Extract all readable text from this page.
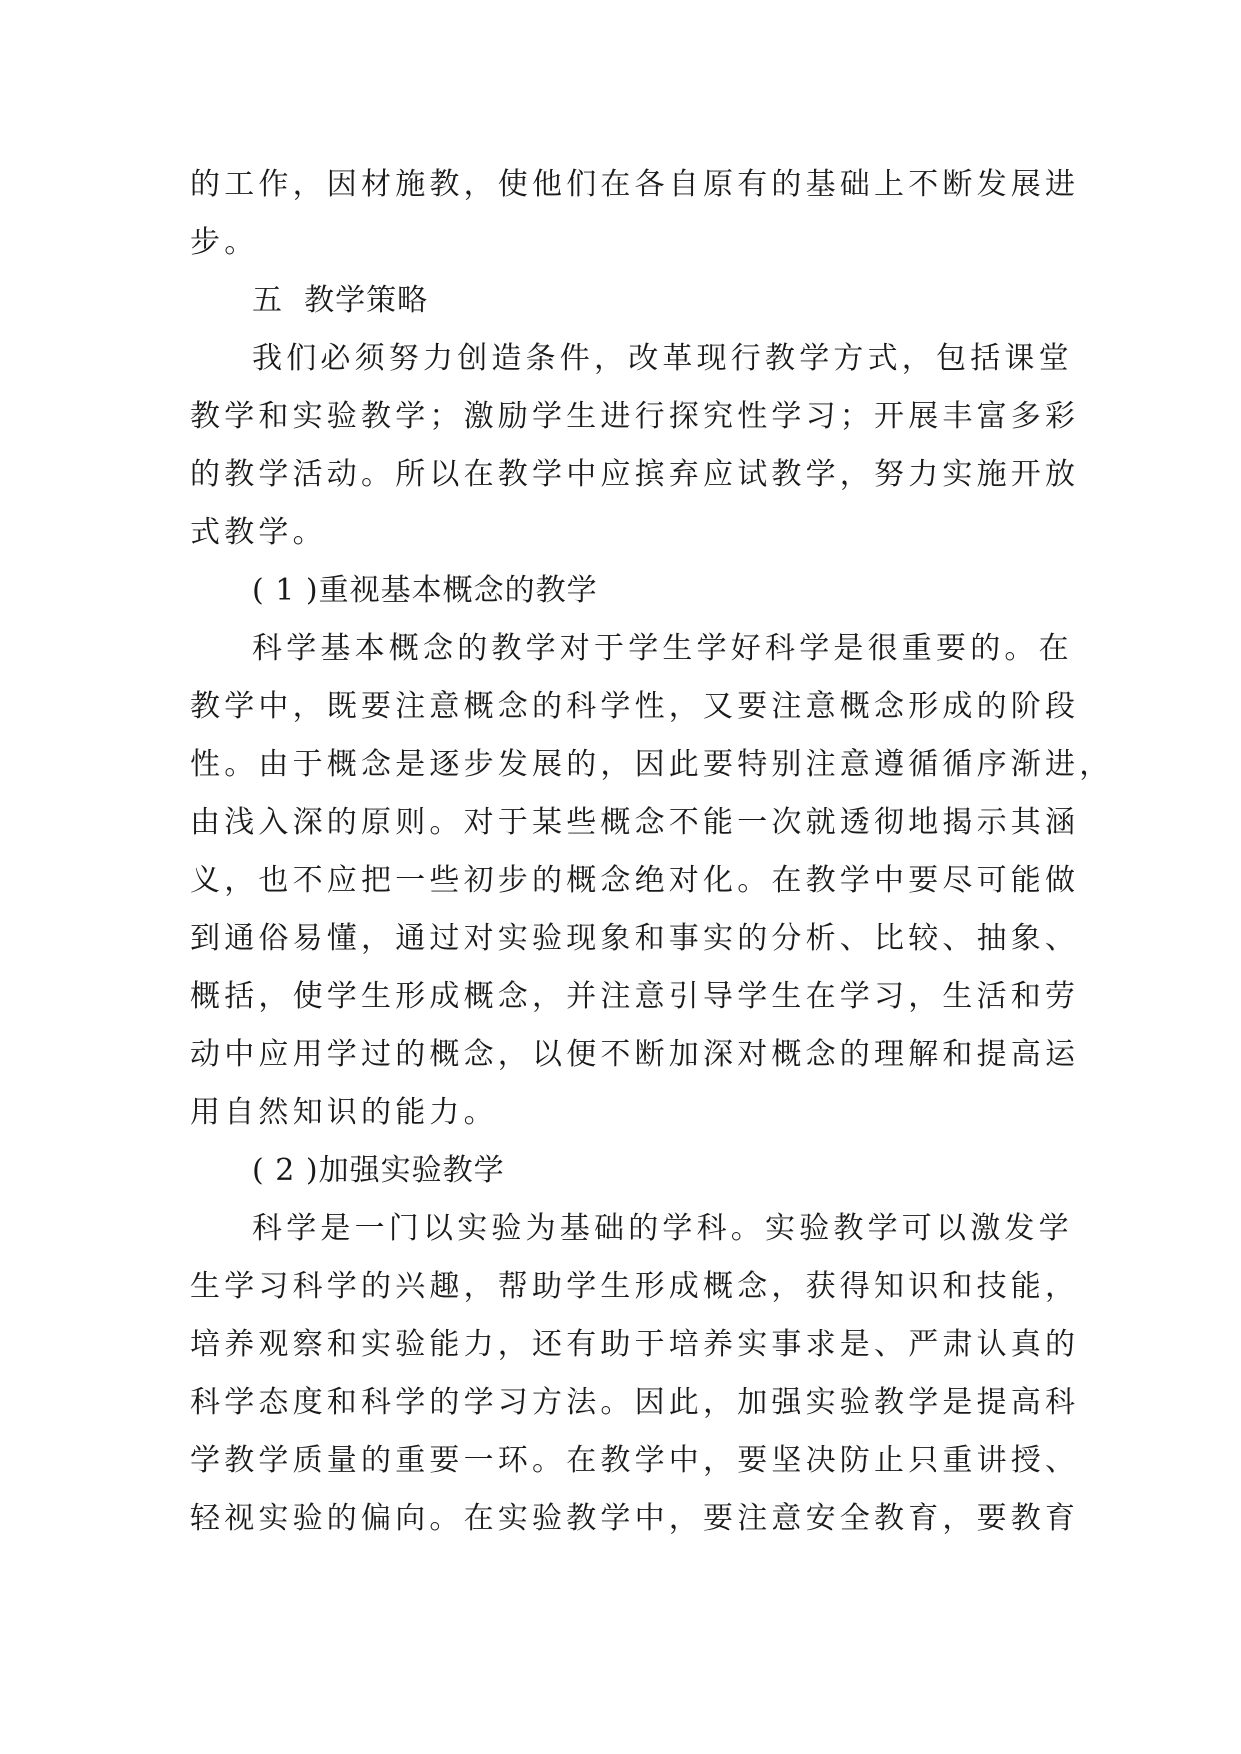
的工作，因材施教，使他们在各自原有的基础上不断发展进
步。
五  教学策略
我们必须努力创造条件，改革现行教学方式，包括课堂
教学和实验教学；激励学生进行探究性学习；开展丰富多彩
的教学活动。所以在教学中应摈弃应试教学，努力实施开放
式教学。
( 1 )重视基本概念的教学
科学基本概念的教学对于学生学好科学是很重要的。在
教学中，既要注意概念的科学性，又要注意概念形成的阶段
性。由于概念是逐步发展的，因此要特别注意遵循循序渐进，
由浅入深的原则。对于某些概念不能一次就透彻地揭示其涵
义，也不应把一些初步的概念绝对化。在教学中要尽可能做
到通俗易懂，通过对实验现象和事实的分析、比较、抽象、
概括，使学生形成概念，并注意引导学生在学习，生活和劳
动中应用学过的概念，以便不断加深对概念的理解和提高运
用自然知识的能力。
( 2 )加强实验教学
科学是一门以实验为基础的学科。实验教学可以激发学
生学习科学的兴趣，帮助学生形成概念，获得知识和技能，
培养观察和实验能力，还有助于培养实事求是、严肃认真的
科学态度和科学的学习方法。因此，加强实验教学是提高科
学教学质量的重要一环。在教学中，要坚决防止只重讲授、
轻视实验的偏向。在实验教学中，要注意安全教育，要教育
